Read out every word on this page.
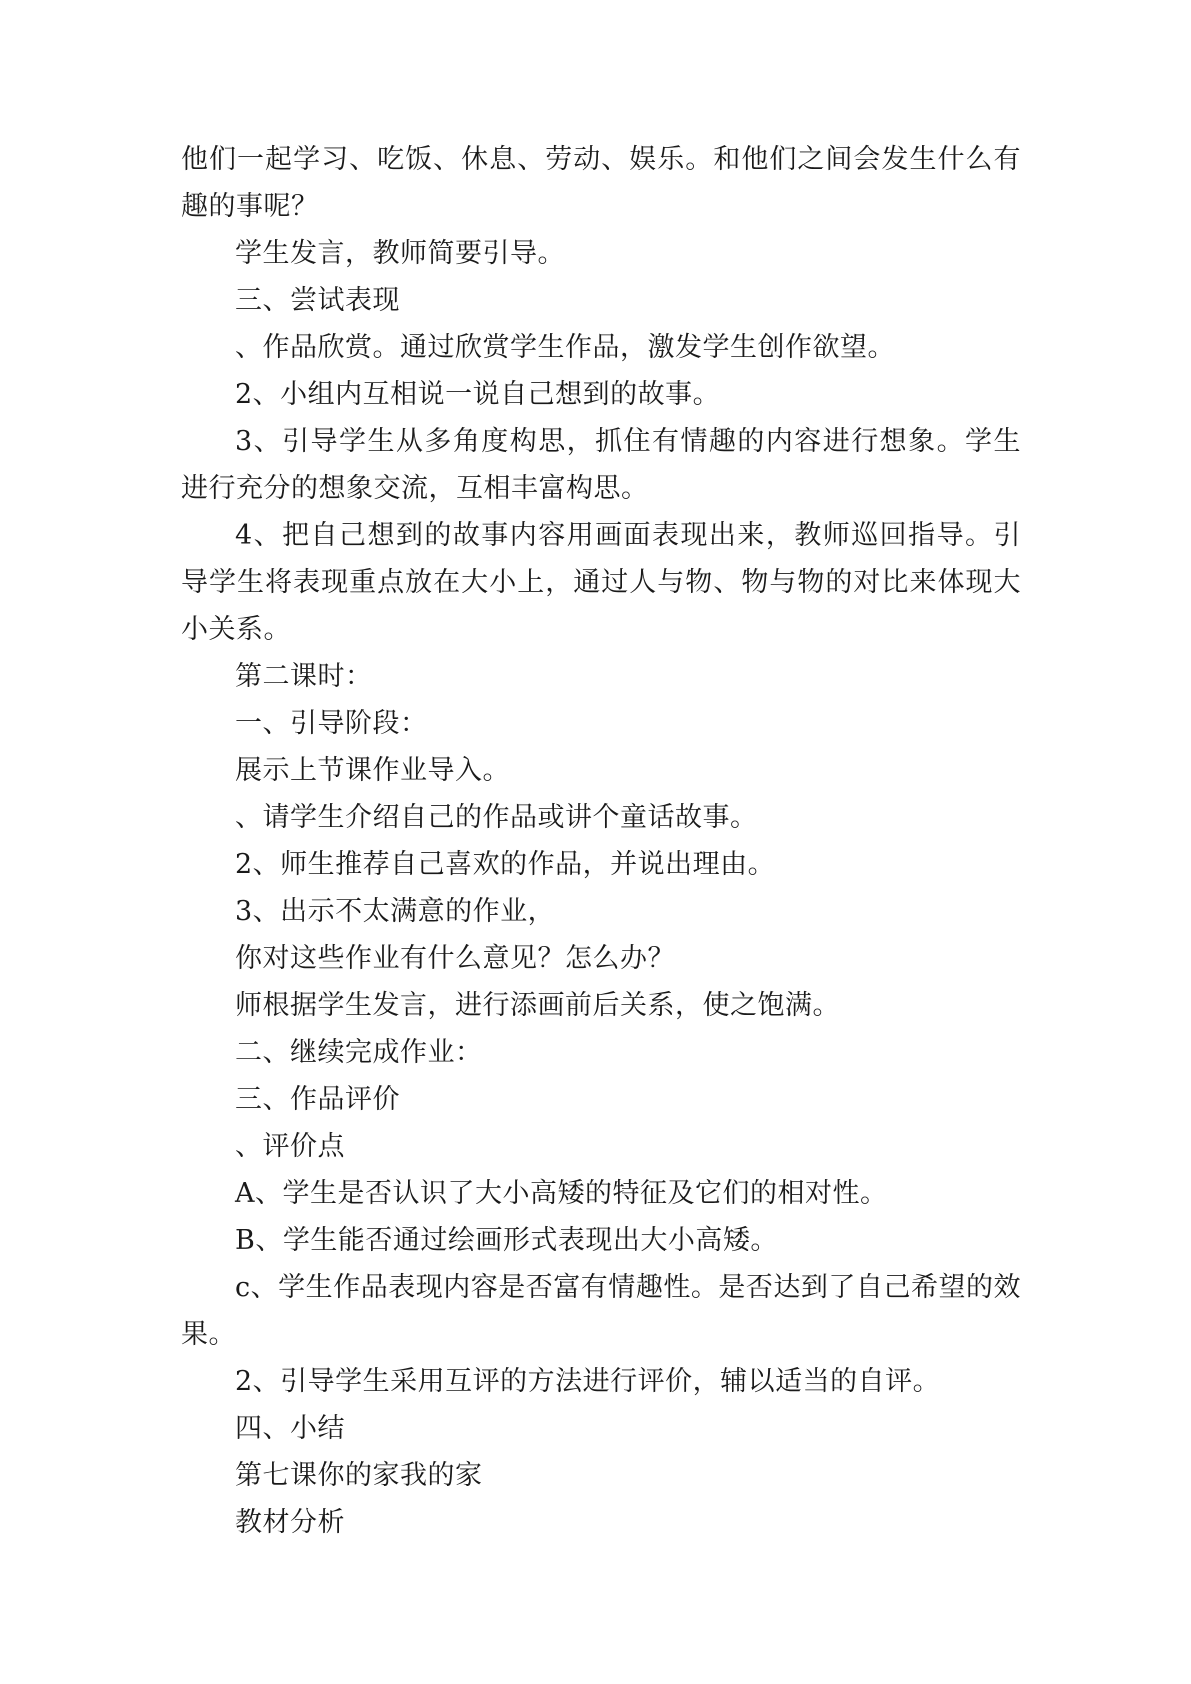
他们一起学习、吃饭、休息、劳动、娱乐。和他们之间会发生什么有趣的事呢？

学生发言，教师简要引导。

三、尝试表现

、作品欣赏。通过欣赏学生作品，激发学生创作欲望。

2、小组内互相说一说自己想到的故事。

3、引导学生从多角度构思，抓住有情趣的内容进行想象。学生进行充分的想象交流，互相丰富构思。

4、把自己想到的故事内容用画面表现出来，教师巡回指导。引导学生将表现重点放在大小上，通过人与物、物与物的对比来体现大小关系。

第二课时：

一、引导阶段：

展示上节课作业导入。

、请学生介绍自己的作品或讲个童话故事。

2、师生推荐自己喜欢的作品，并说出理由。

3、出示不太满意的作业，

你对这些作业有什么意见？怎么办？

师根据学生发言，进行添画前后关系，使之饱满。

二、继续完成作业：

三、作品评价

、评价点

A、学生是否认识了大小高矮的特征及它们的相对性。

B、学生能否通过绘画形式表现出大小高矮。

c、学生作品表现内容是否富有情趣性。是否达到了自己希望的效果。

2、引导学生采用互评的方法进行评价，辅以适当的自评。

四、小结

第七课你的家我的家

教材分析
